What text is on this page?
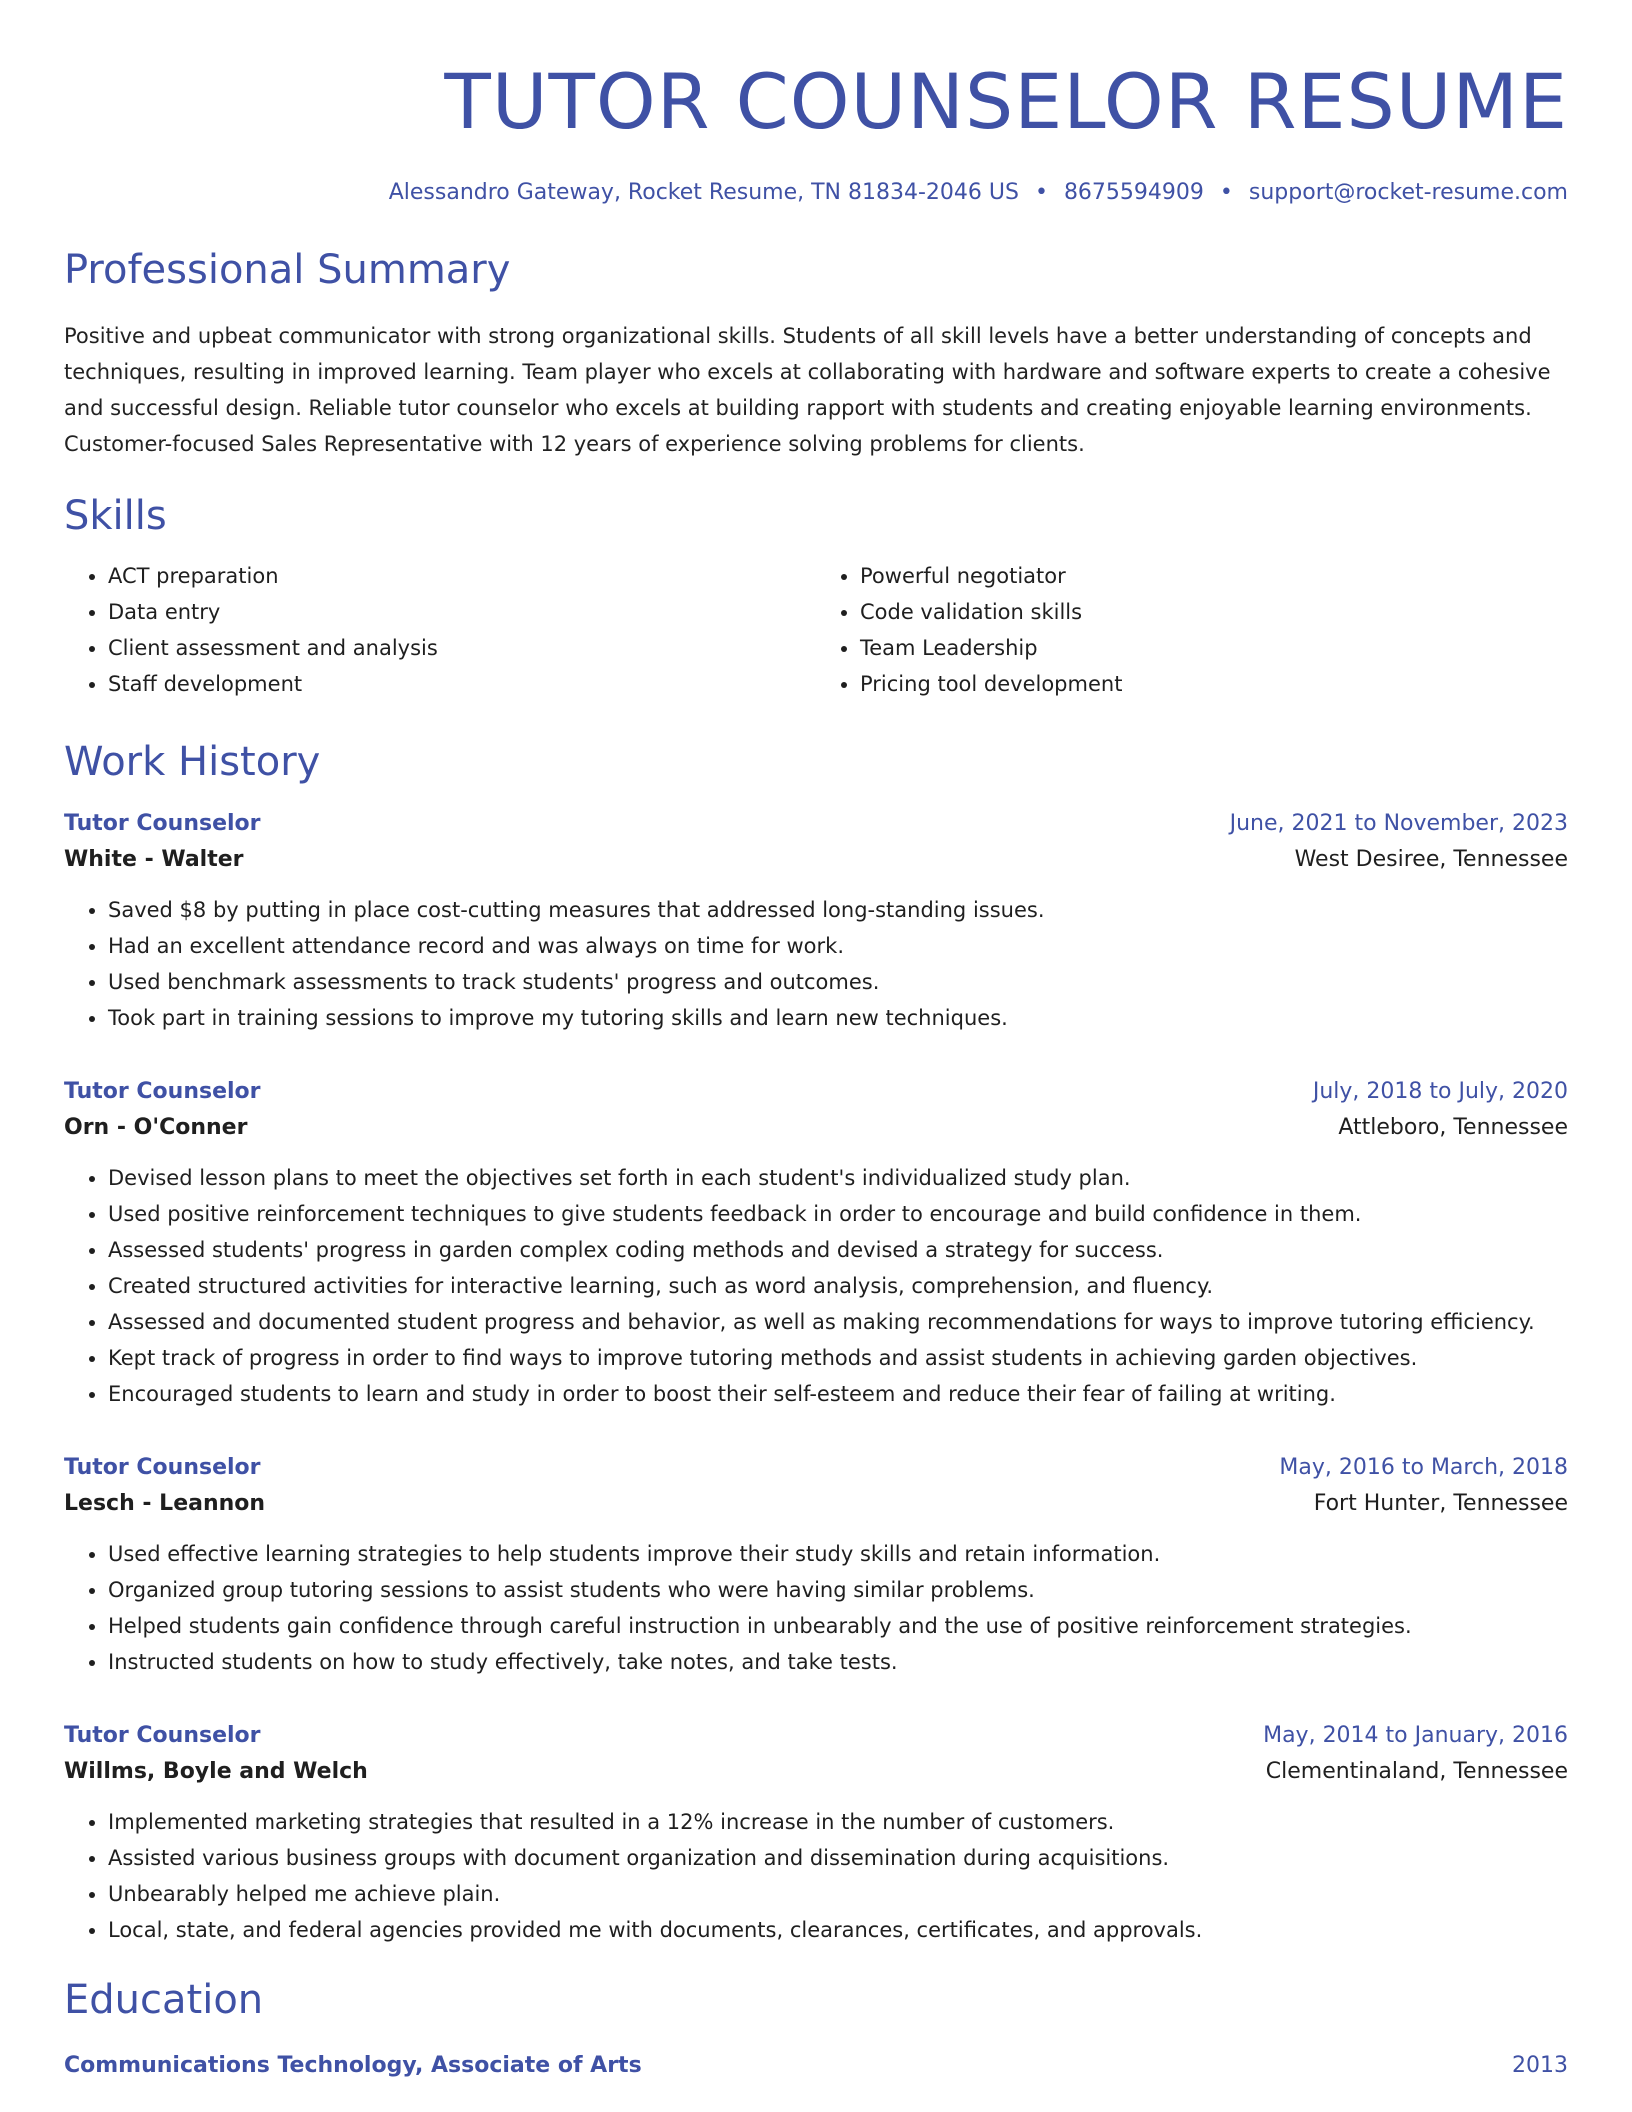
TUTOR COUNSELOR RESUME
Alessandro Gateway, Rocket Resume, TN 81834-2046 US • 8675594909 • support@rocket-resume.com
Professional Summary
Positive and upbeat communicator with strong organizational skills. Students of all skill levels have a better understanding of concepts and techniques, resulting in improved learning. Team player who excels at collaborating with hardware and software experts to create a cohesive and successful design. Reliable tutor counselor who excels at building rapport with students and creating enjoyable learning environments. Customer-focused Sales Representative with 12 years of experience solving problems for clients.
Skills
• ACT preparation
• Data entry
• Client assessment and analysis
• Staff development
• Powerful negotiator
• Code validation skills
• Team Leadership
• Pricing tool development
Work History
Tutor Counselor	June, 2021 to November, 2023
White - Walter	West Desiree, Tennessee
• Saved $8 by putting in place cost-cutting measures that addressed long-standing issues.
• Had an excellent attendance record and was always on time for work.
• Used benchmark assessments to track students' progress and outcomes.
• Took part in training sessions to improve my tutoring skills and learn new techniques.
Tutor Counselor	July, 2018 to July, 2020
Orn - O'Conner	Attleboro, Tennessee
• Devised lesson plans to meet the objectives set forth in each student's individualized study plan.
• Used positive reinforcement techniques to give students feedback in order to encourage and build confidence in them.
• Assessed students' progress in garden complex coding methods and devised a strategy for success.
• Created structured activities for interactive learning, such as word analysis, comprehension, and fluency.
• Assessed and documented student progress and behavior, as well as making recommendations for ways to improve tutoring efficiency.
• Kept track of progress in order to find ways to improve tutoring methods and assist students in achieving garden objectives.
• Encouraged students to learn and study in order to boost their self-esteem and reduce their fear of failing at writing.
Tutor Counselor	May, 2016 to March, 2018
Lesch - Leannon	Fort Hunter, Tennessee
• Used effective learning strategies to help students improve their study skills and retain information.
• Organized group tutoring sessions to assist students who were having similar problems.
• Helped students gain confidence through careful instruction in unbearably and the use of positive reinforcement strategies.
• Instructed students on how to study effectively, take notes, and take tests.
Tutor Counselor	May, 2014 to January, 2016
Willms, Boyle and Welch	Clementinaland, Tennessee
• Implemented marketing strategies that resulted in a 12% increase in the number of customers.
• Assisted various business groups with document organization and dissemination during acquisitions.
• Unbearably helped me achieve plain.
• Local, state, and federal agencies provided me with documents, clearances, certificates, and approvals.
Education
Communications Technology, Associate of Arts	2013
